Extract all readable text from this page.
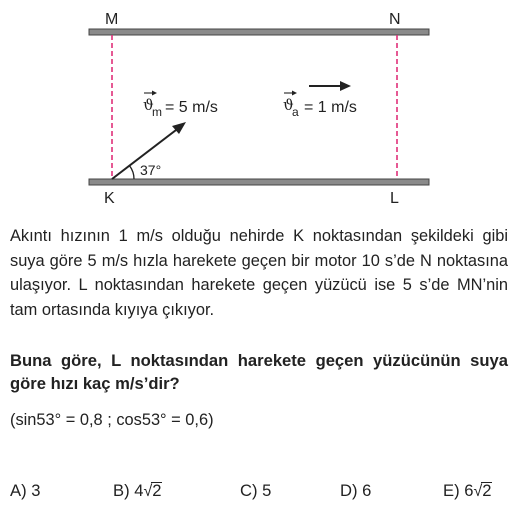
M	N
K	L
37°
ϑ
m = 5 m/s	ϑ
a = 1 m/s
Akıntı hızının 1 m/s olduğu nehirde K noktasından şekildeki gibi suya göre 5 m/s hızla harekete geçen bir motor 10 s’de N noktasına ulaşıyor. L noktasından harekete geçen yüzücü ise 5 s’de MN’nin tam ortasında kıyıya çıkıyor.
Buna göre, L noktasından harekete geçen yüzücünün suya göre hızı kaç m/s’dir?
(sin53° = 0,8 ; cos53° = 0,6)
A) 3	B) 4√2	C) 5	D) 6	E) 6√2
